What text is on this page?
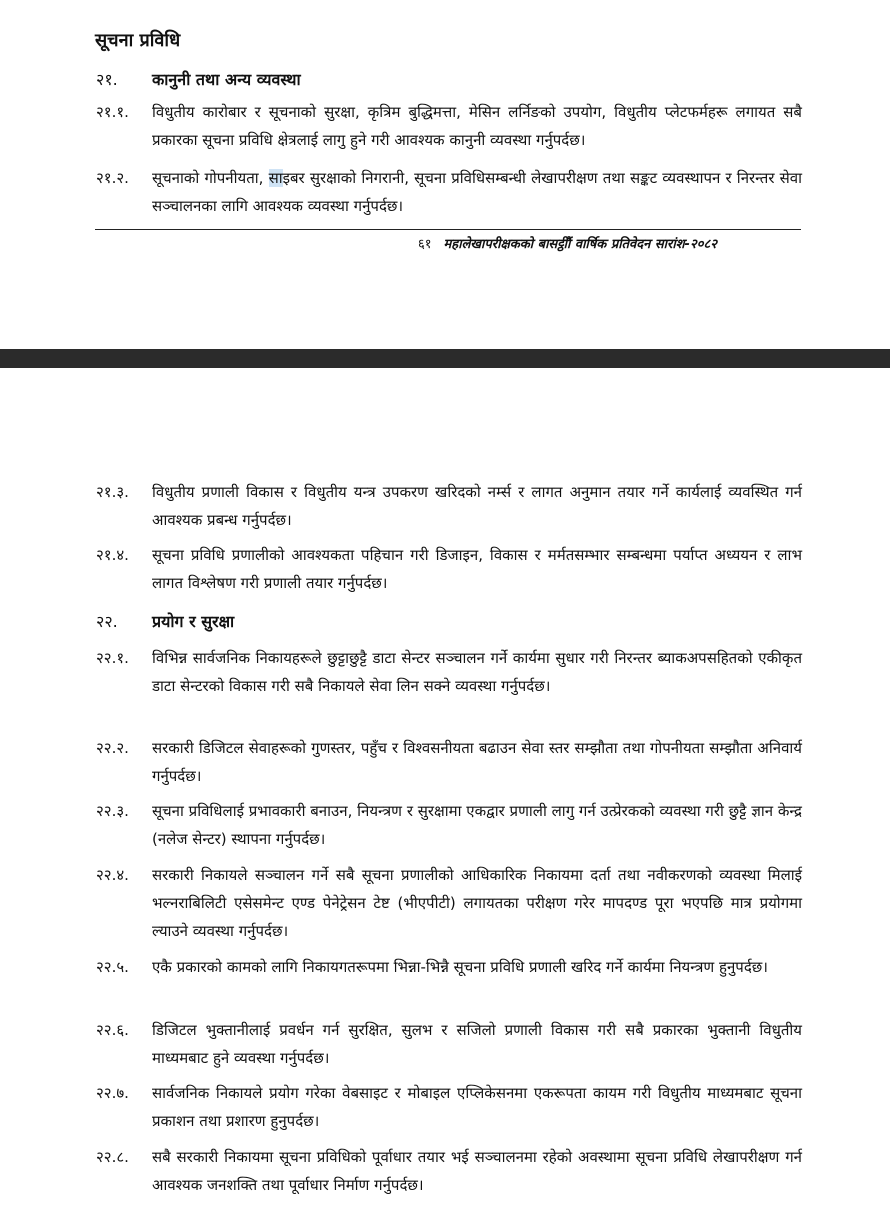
सूचना प्रविधि
२१. कानुनी तथा अन्य व्यवस्था
२१.१.	विधुतीय कारोबार र सूचनाको सुरक्षा, कृत्रिम बुद्धिमत्ता, मेसिन लर्निङको उपयोग, विधुतीय प्लेटफर्महरू लगायत सबै प्रकारका सूचना प्रविधि क्षेत्रलाई लागु हुने गरी आवश्यक कानुनी व्यवस्था गर्नुपर्दछ।
२१.२.	सूचनाको गोपनीयता, साइबर सुरक्षाको निगरानी, सूचना प्रविधिसम्बन्धी लेखापरीक्षण तथा सङ्कट व्यवस्थापन र निरन्तर सेवा सञ्चालनका लागि आवश्यक व्यवस्था गर्नुपर्दछ।
६१ महालेखापरीक्षकको बासट्ठीौं वार्षिक प्रतिवेदन सारांश-२०८२
२१.३.	विधुतीय प्रणाली विकास र विधुतीय यन्त्र उपकरण खरिदको नर्म्स र लागत अनुमान तयार गर्ने कार्यलाई व्यवस्थित गर्न आवश्यक प्रबन्ध गर्नुपर्दछ।
२१.४.	सूचना प्रविधि प्रणालीको आवश्यकता पहिचान गरी डिजाइन, विकास र मर्मतसम्भार सम्बन्धमा पर्याप्त अध्ययन र लाभ लागत विश्लेषण गरी प्रणाली तयार गर्नुपर्दछ।
२२. प्रयोग र सुरक्षा
२२.१.	विभिन्न सार्वजनिक निकायहरूले छुट्टाछुट्टै डाटा सेन्टर सञ्चालन गर्ने कार्यमा सुधार गरी निरन्तर ब्याकअपसहितको एकीकृत डाटा सेन्टरको विकास गरी सबै निकायले सेवा लिन सक्ने व्यवस्था गर्नुपर्दछ।
२२.२.	सरकारी डिजिटल सेवाहरूको गुणस्तर, पहुँच र विश्वसनीयता बढाउन सेवा स्तर सम्झौता तथा गोपनीयता सम्झौता अनिवार्य गर्नुपर्दछ।
२२.३.	सूचना प्रविधिलाई प्रभावकारी बनाउन, नियन्त्रण र सुरक्षामा एकद्वार प्रणाली लागु गर्न उत्प्रेरकको व्यवस्था गरी छुट्टै ज्ञान केन्द्र (नलेज सेन्टर) स्थापना गर्नुपर्दछ।
२२.४.	सरकारी निकायले सञ्चालन गर्ने सबै सूचना प्रणालीको आधिकारिक निकायमा दर्ता तथा नवीकरणको व्यवस्था मिलाई भल्नराबिलिटी एसेसमेन्ट एण्ड पेनेट्रेसन टेष्ट (भीएपीटी) लगायतका परीक्षण गरेर मापदण्ड पूरा भएपछि मात्र प्रयोगमा ल्याउने व्यवस्था गर्नुपर्दछ।
२२.५.	एकै प्रकारको कामको लागि निकायगतरूपमा भिन्ना-भिन्नै सूचना प्रविधि प्रणाली खरिद गर्ने कार्यमा नियन्त्रण हुनुपर्दछ।
२२.६.	डिजिटल भुक्तानीलाई प्रवर्धन गर्न सुरक्षित, सुलभ र सजिलो प्रणाली विकास गरी सबै प्रकारका भुक्तानी विधुतीय माध्यमबाट हुने व्यवस्था गर्नुपर्दछ।
२२.७.	सार्वजनिक निकायले प्रयोग गरेका वेबसाइट र मोबाइल एप्लिकेसनमा एकरूपता कायम गरी विधुतीय माध्यमबाट सूचना प्रकाशन तथा प्रशारण हुनुपर्दछ।
२२.८.	सबै सरकारी निकायमा सूचना प्रविधिको पूर्वाधार तयार भई सञ्चालनमा रहेको अवस्थामा सूचना प्रविधि लेखापरीक्षण गर्न आवश्यक जनशक्ति तथा पूर्वाधार निर्माण गर्नुपर्दछ।
